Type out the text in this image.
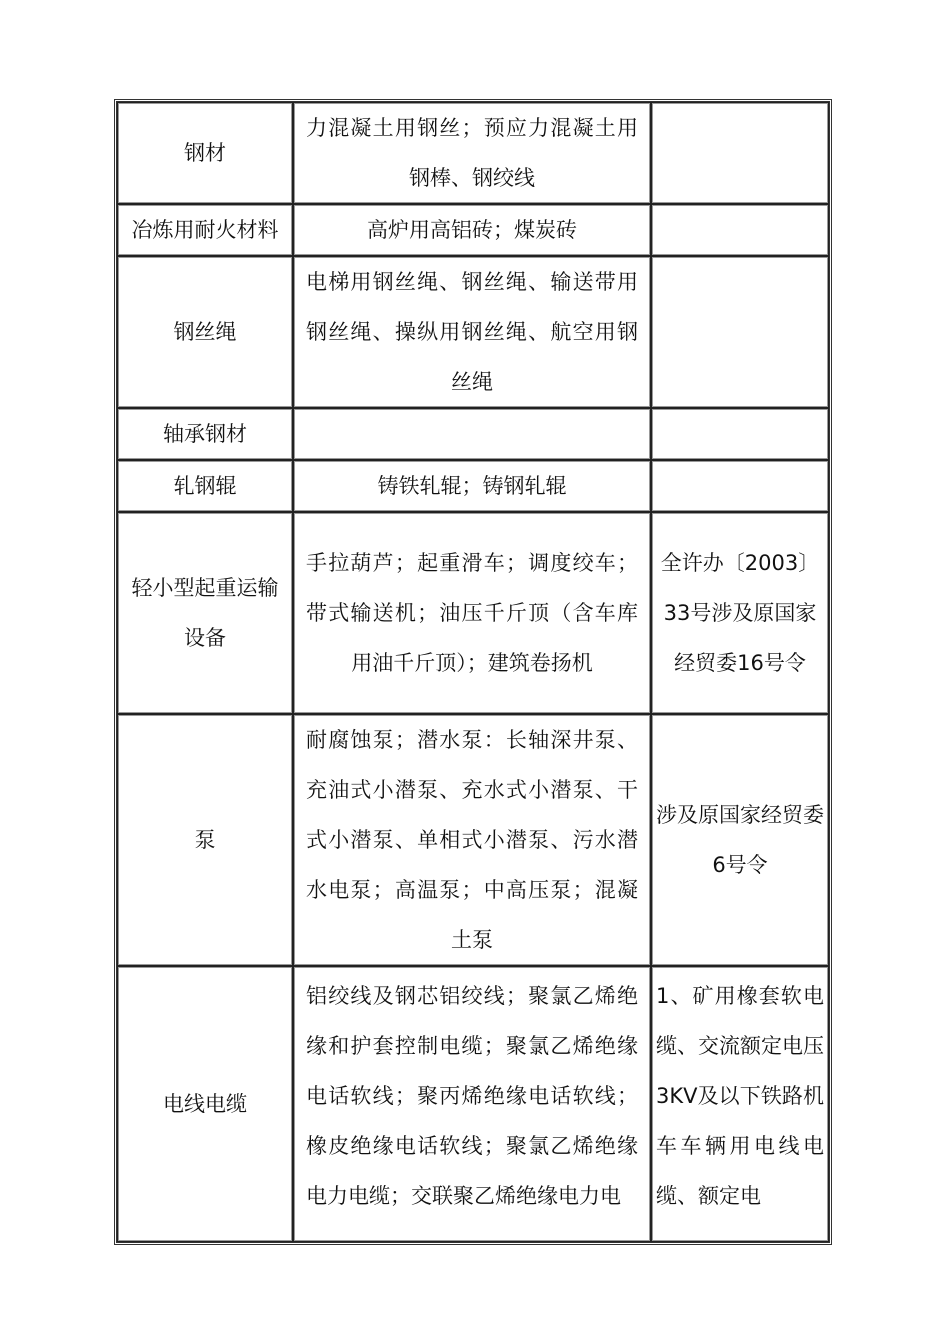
钢材	力混凝土用钢丝；预应力混凝土用钢棒、钢绞线	
冶炼用耐火材料	高炉用高铝砖；煤炭砖	
钢丝绳	电梯用钢丝绳、钢丝绳、输送带用钢丝绳、操纵用钢丝绳、航空用钢丝绳	
轴承钢材		
轧钢辊	铸铁轧辊；铸钢轧辊	
轻小型起重运输设备	手拉葫芦；起重滑车；调度绞车；带式输送机；油压千斤顶（含车库用油千斤顶）；建筑卷扬机	全许办〔2003〕33号涉及原国家经贸委16号令
泵	耐腐蚀泵；潜水泵：长轴深井泵、充油式小潜泵、充水式小潜泵、干式小潜泵、单相式小潜泵、污水潜水电泵；高温泵；中高压泵；混凝土泵	涉及原国家经贸委6号令
电线电缆	铝绞线及钢芯铝绞线；聚氯乙烯绝缘和护套控制电缆；聚氯乙烯绝缘电话软线；聚丙烯绝缘电话软线；橡皮绝缘电话软线；聚氯乙烯绝缘电力电缆；交联聚乙烯绝缘电力电	1、矿用橡套软电缆、交流额定电压3KV及以下铁路机车车辆用电线电缆、额定电
